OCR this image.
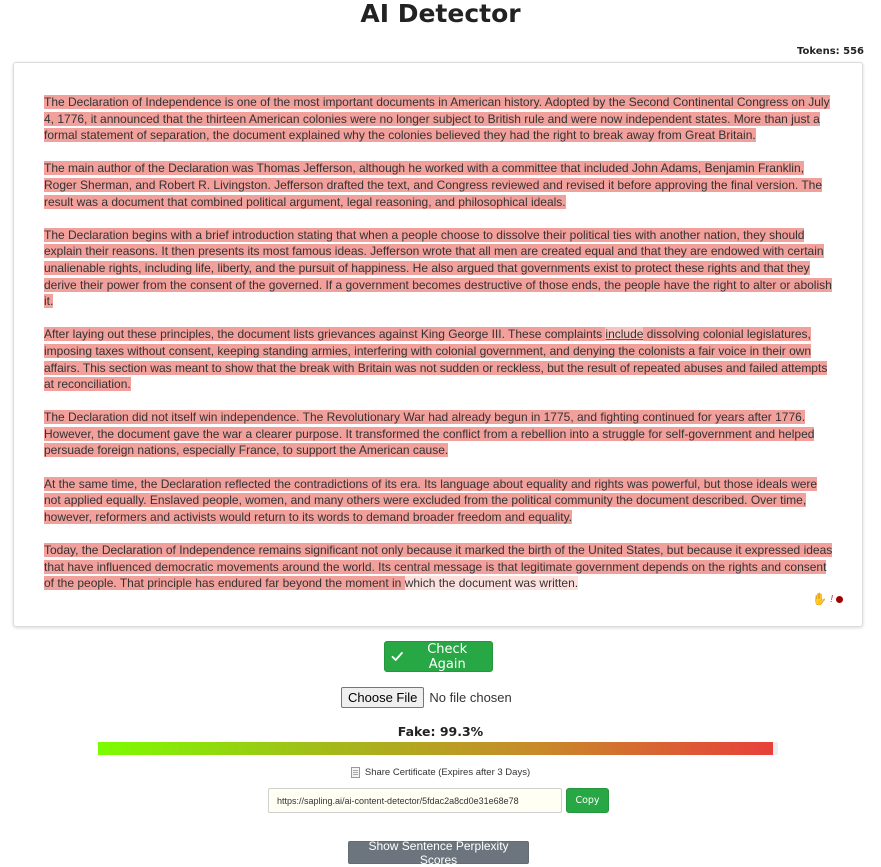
AI Detector
Tokens: 556

The Declaration of Independence is one of the most important documents in American history. Adopted by the Second Continental Congress on July 4, 1776, it announced that the thirteen American colonies were no longer subject to British rule and were now independent states. More than just a formal statement of separation, the document explained why the colonies believed they had the right to break away from Great Britain.

The main author of the Declaration was Thomas Jefferson, although he worked with a committee that included John Adams, Benjamin Franklin, Roger Sherman, and Robert R. Livingston. Jefferson drafted the text, and Congress reviewed and revised it before approving the final version. The result was a document that combined political argument, legal reasoning, and philosophical ideals.

The Declaration begins with a brief introduction stating that when a people choose to dissolve their political ties with another nation, they should explain their reasons. It then presents its most famous ideas. Jefferson wrote that all men are created equal and that they are endowed with certain unalienable rights, including life, liberty, and the pursuit of happiness. He also argued that governments exist to protect these rights and that they derive their power from the consent of the governed. If a government becomes destructive of those ends, the people have the right to alter or abolish it.

After laying out these principles, the document lists grievances against King George III. These complaints include dissolving colonial legislatures, imposing taxes without consent, keeping standing armies, interfering with colonial government, and denying the colonists a fair voice in their own affairs. This section was meant to show that the break with Britain was not sudden or reckless, but the result of repeated abuses and failed attempts at reconciliation.

The Declaration did not itself win independence. The Revolutionary War had already begun in 1775, and fighting continued for years after 1776. However, the document gave the war a clearer purpose. It transformed the conflict from a rebellion into a struggle for self-government and helped persuade foreign nations, especially France, to support the American cause.

At the same time, the Declaration reflected the contradictions of its era. Its language about equality and rights was powerful, but those ideals were not applied equally. Enslaved people, women, and many others were excluded from the political community the document described. Over time, however, reformers and activists would return to its words to demand broader freedom and equality.

Today, the Declaration of Independence remains significant not only because it marked the birth of the United States, but because it expressed ideas that have influenced democratic movements around the world. Its central message is that legitimate government depends on the rights and consent of the people. That principle has endured far beyond the moment in which the document was written.

✋ !
Check Again
Choose File No file chosen
Fake: 99.3%
Share Certificate (Expires after 3 Days)
https://sapling.ai/ai-content-detector/5fdac2a8cd0e31e68e78
Copy
Show Sentence Perplexity Scores
